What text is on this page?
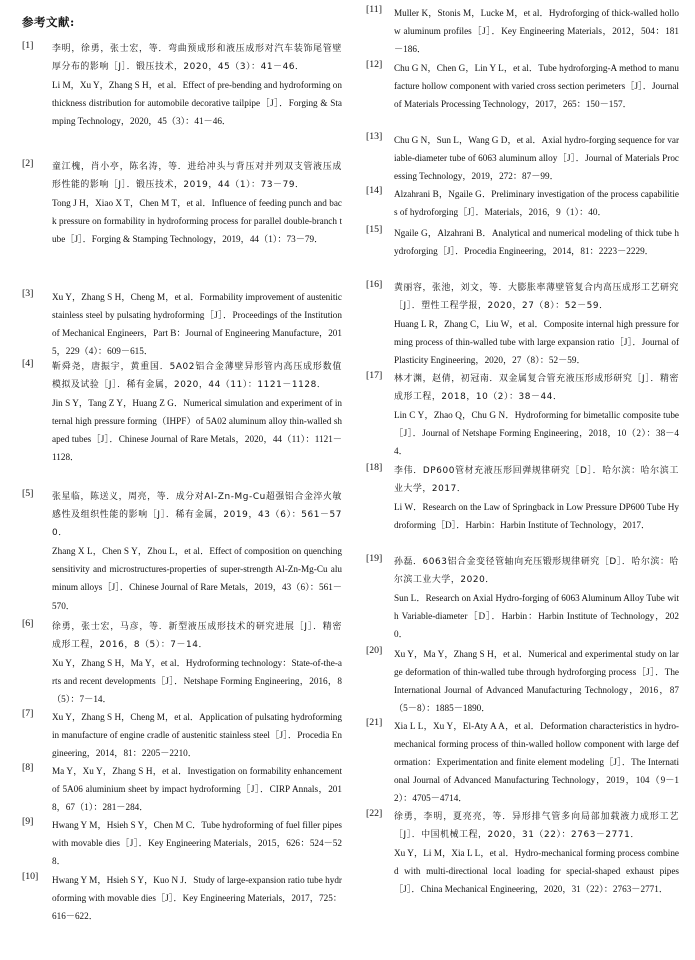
参考文献:
[1] 李明，徐勇，张士宏，等．弯曲预成形和液压成形对汽车装饰尾管壁厚分布的影响［J］．锻压技术，2020，45（3）：41－46．

Li M，Xu Y，Zhang S H，et al．Effect of pre-bending and hydroforming on thickness distribution for automobile decorative tailpipe［J］．Forging & Stamping Technology，2020，45（3）：41－46．

[2] 童江槐，肖小亭，陈名涛，等．进给冲头与背压对并列双支管液压成形性能的影响［J］．锻压技术，2019，44（1）：73－79．

Tong J H，Xiao X T，Chen M T，et al．Influence of feeding punch and back pressure on formability in hydroforming process for parallel double-branch tube［J］．Forging & Stamping Technology，2019，44（1）：73－79．

[3] Xu Y，Zhang S H，Cheng M，et al．Formability improvement of austenitic stainless steel by pulsating hydroforming［J］．Proceedings of the Institution of Mechanical Engineers，Part B：Journal of Engineering Manufacture，2015，229（4）：609－615．

[4] 靳舜尧，唐振宇，黄重国．5A02铝合金薄壁异形管内高压成形数值模拟及试验［J］．稀有金属，2020，44（11）：1121－1128．

Jin S Y，Tang Z Y，Huang Z G．Numerical simulation and experiment of internal high pressure forming（IHPF）of 5A02 aluminum alloy thin-walled shaped tubes［J］．Chinese Journal of Rare Metals，2020，44（11）：1121－1128．

[5] 张星临，陈送义，周亮，等．成分对Al-Zn-Mg-Cu超强铝合金淬火敏感性及组织性能的影响［J］．稀有金属，2019，43（6）：561－570．

Zhang X L，Chen S Y，Zhou L，et al．Effect of composition on quenching sensitivity and microstructures-properties of super-strength Al-Zn-Mg-Cu aluminum alloys［J］．Chinese Journal of Rare Metals，2019，43（6）：561－570．

[6] 徐勇，张士宏，马彦，等．新型液压成形技术的研究进展［J］．精密成形工程，2016，8（5）：7－14．

Xu Y，Zhang S H，Ma Y，et al．Hydroforming technology：State-of-the-arts and recent developments［J］．Netshape Forming Engineering，2016，8（5）：7－14．

[7] Xu Y，Zhang S H，Cheng M，et al．Application of pulsating hydroforming in manufacture of engine cradle of austenitic stainless steel［J］．Procedia Engineering，2014，81：2205－2210．

[8] Ma Y，Xu Y，Zhang S H，et al．Investigation on formability enhancement of 5A06 aluminium sheet by impact hydroforming［J］．CIRP Annals，2018，67（1）：281－284．

[9] Hwang Y M，Hsieh S Y，Chen M C．Tube hydroforming of fuel filler pipes with movable dies［J］．Key Engineering Materials，2015，626：524－528．

[10] Hwang Y M，Hsieh S Y，Kuo N J．Study of large-expansion ratio tube hydroforming with movable dies［J］．Key Engineering Materials，2017，725：616－622．

[11] Muller K，Stonis M，Lucke M，et al．Hydroforging of thick-walled hollow aluminum profiles［J］．Key Engineering Materials，2012，504：181－186．

[12] Chu G N，Chen G，Lin Y L，et al．Tube hydroforging-A method to manufacture hollow component with varied cross section perimeters［J］．Journal of Materials Processing Technology，2017，265：150－157．

[13] Chu G N，Sun L，Wang G D，et al．Axial hydro-forging sequence for variable-diameter tube of 6063 aluminum alloy［J］．Journal of Materials Processing Technology，2019，272：87－99．

[14] Alzahrani B，Ngaile G．Preliminary investigation of the process capabilities of hydroforging［J］．Materials，2016，9（1）：40．

[15] Ngaile G，Alzahrani B．Analytical and numerical modeling of thick tube hydroforging［J］．Procedia Engineering，2014，81：2223－2229．

[16] 黄丽容，张池，刘文，等．大膨胀率薄壁管复合内高压成形工艺研究［J］．塑性工程学报，2020，27（8）：52－59．

Huang L R，Zhang C，Liu W，et al．Composite internal high pressure forming process of thin-walled tube with large expansion ratio［J］．Journal of Plasticity Engineering，2020，27（8）：52－59．

[17] 林才渊，赵倩，初冠南．双金属复合管充液压形成形研究［J］．精密成形工程，2018，10（2）：38－44．

Lin C Y，Zhao Q，Chu G N．Hydroforming for bimetallic composite tube［J］．Journal of Netshape Forming Engineering，2018，10（2）：38－44．

[18] 李伟．DP600管材充液压形回弹规律研究［D］．哈尔滨：哈尔滨工业大学，2017．

Li W．Research on the Law of Springback in Low Pressure DP600 Tube Hydroforming［D］．Harbin：Harbin Institute of Technology，2017．

[19] 孙磊．6063铝合金变径管轴向充压锻形规律研究［D］．哈尔滨：哈尔滨工业大学，2020．

Sun L．Research on Axial Hydro-forging of 6063 Aluminum Alloy Tube with Variable-diameter［D］．Harbin：Harbin Institute of Technology，2020．

[20] Xu Y，Ma Y，Zhang S H，et al．Numerical and experimental study on large deformation of thin-walled tube through hydroforging process［J］．The International Journal of Advanced Manufacturing Technology，2016，87（5－8）：1885－1890．

[21] Xia L L，Xu Y，El-Aty A A，et al．Deformation characteristics in hydro-mechanical forming process of thin-walled hollow component with large deformation：Experimentation and finite element modeling［J］．The International Journal of Advanced Manufacturing Technology，2019，104（9－12）：4705－4714．

[22] 徐勇，李明，夏亮亮，等．异形排气管多向局部加载液力成形工艺［J］．中国机械工程，2020，31（22）：2763－2771．

Xu Y，Li M，Xia L L，et al．Hydro-mechanical forming process combined with multi-directional local loading for special-shaped exhaust pipes［J］．China Mechanical Engineering，2020，31（22）：2763－2771．
